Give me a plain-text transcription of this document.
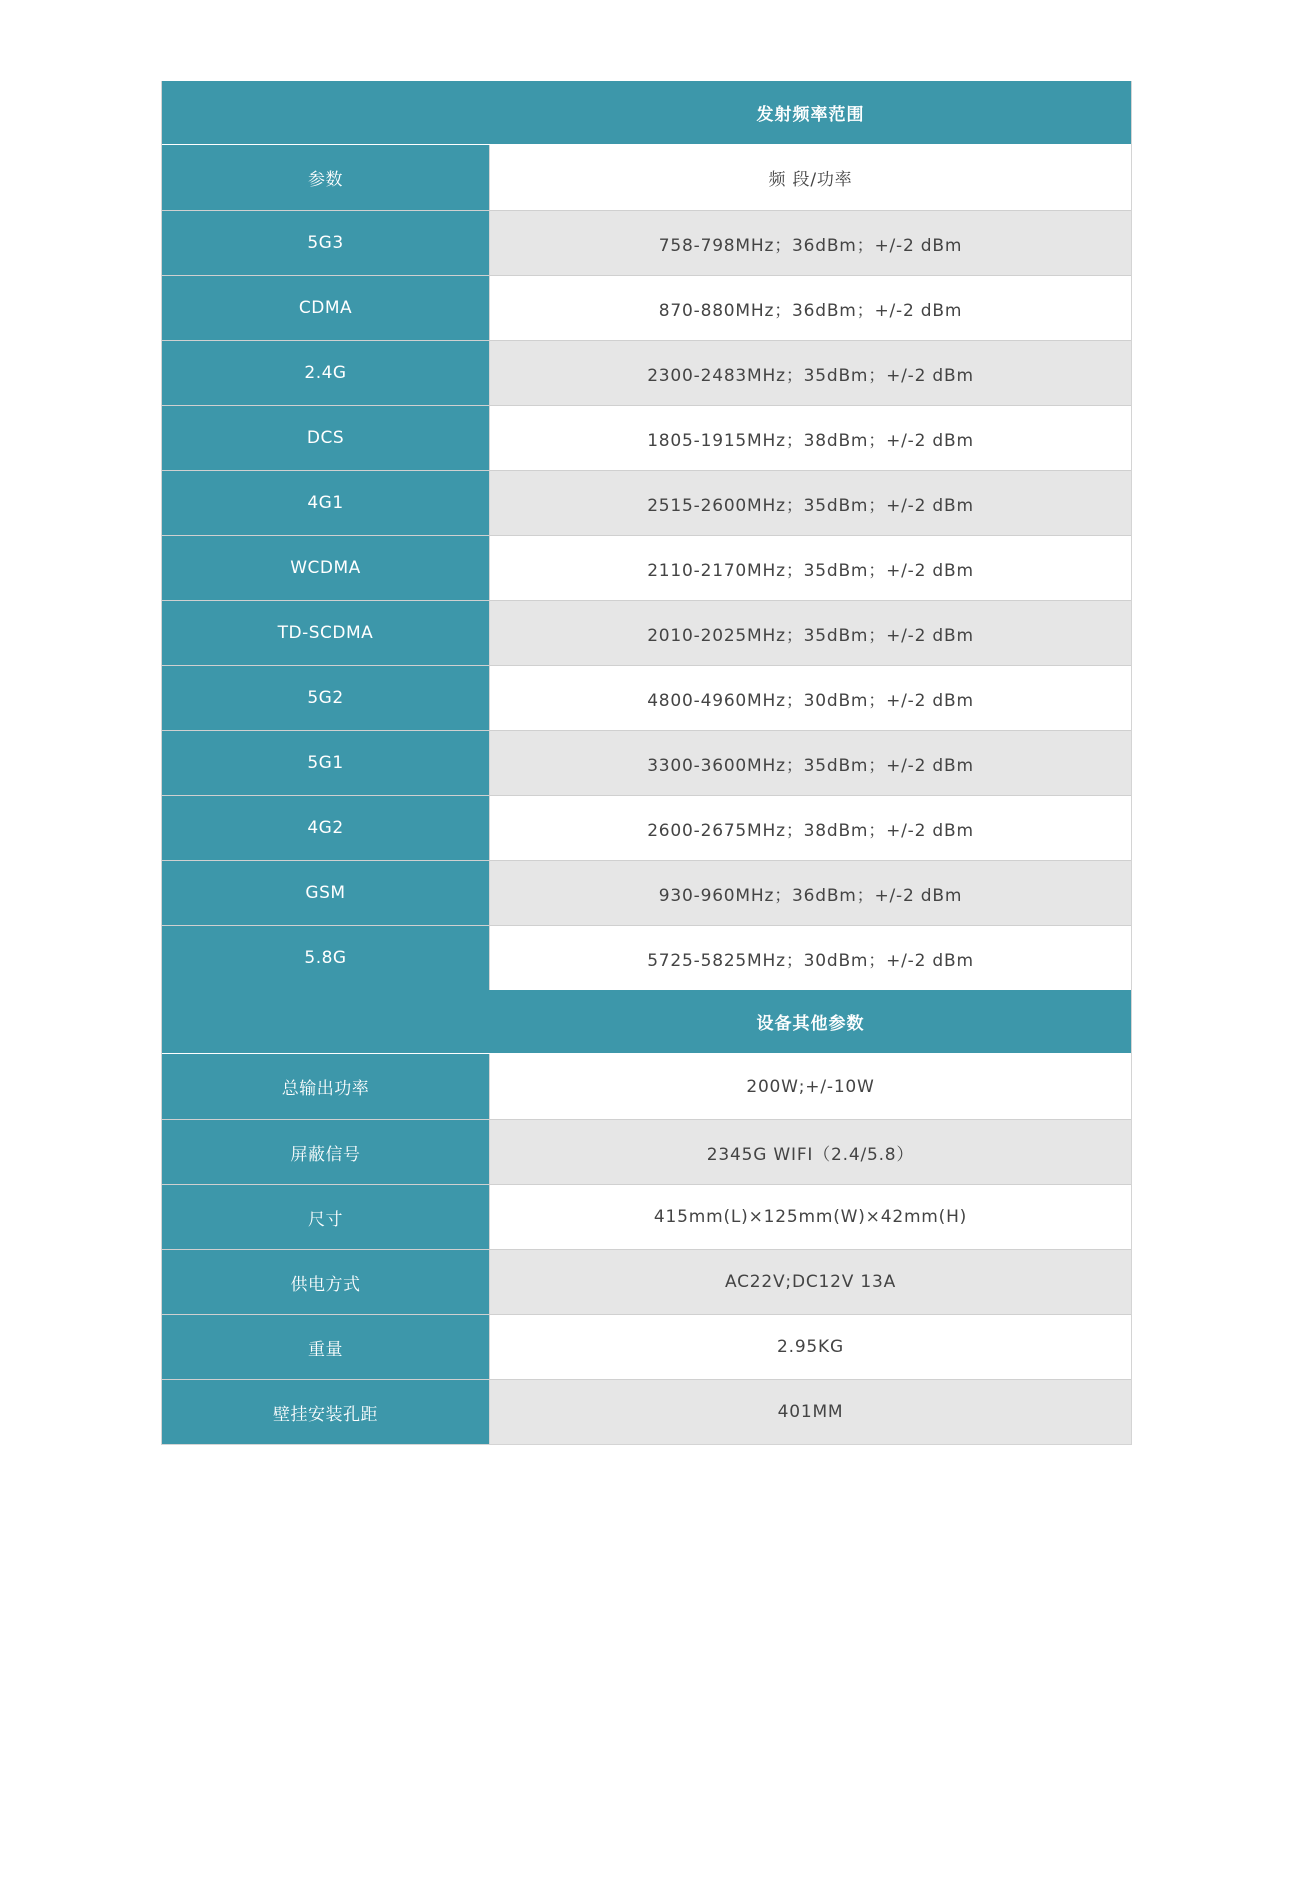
发射频率范围
参数	频 段/功率
5G3	758-798MHz；36dBm；+/-2 dBm
CDMA	870-880MHz；36dBm；+/-2 dBm
2.4G	2300-2483MHz；35dBm；+/-2 dBm
DCS	1805-1915MHz；38dBm；+/-2 dBm
4G1	2515-2600MHz；35dBm；+/-2 dBm
WCDMA	2110-2170MHz；35dBm；+/-2 dBm
TD-SCDMA	2010-2025MHz；35dBm；+/-2 dBm
5G2	4800-4960MHz；30dBm；+/-2 dBm
5G1	3300-3600MHz；35dBm；+/-2 dBm
4G2	2600-2675MHz；38dBm；+/-2 dBm
GSM	930-960MHz；36dBm；+/-2 dBm
5.8G	5725-5825MHz；30dBm；+/-2 dBm
设备其他参数
总输出功率	200W;+/-10W
屏蔽信号	2345G WIFI（2.4/5.8）
尺寸	415mm(L)×125mm(W)×42mm(H)
供电方式	AC22V;DC12V 13A
重量	2.95KG
壁挂安装孔距	401MM
